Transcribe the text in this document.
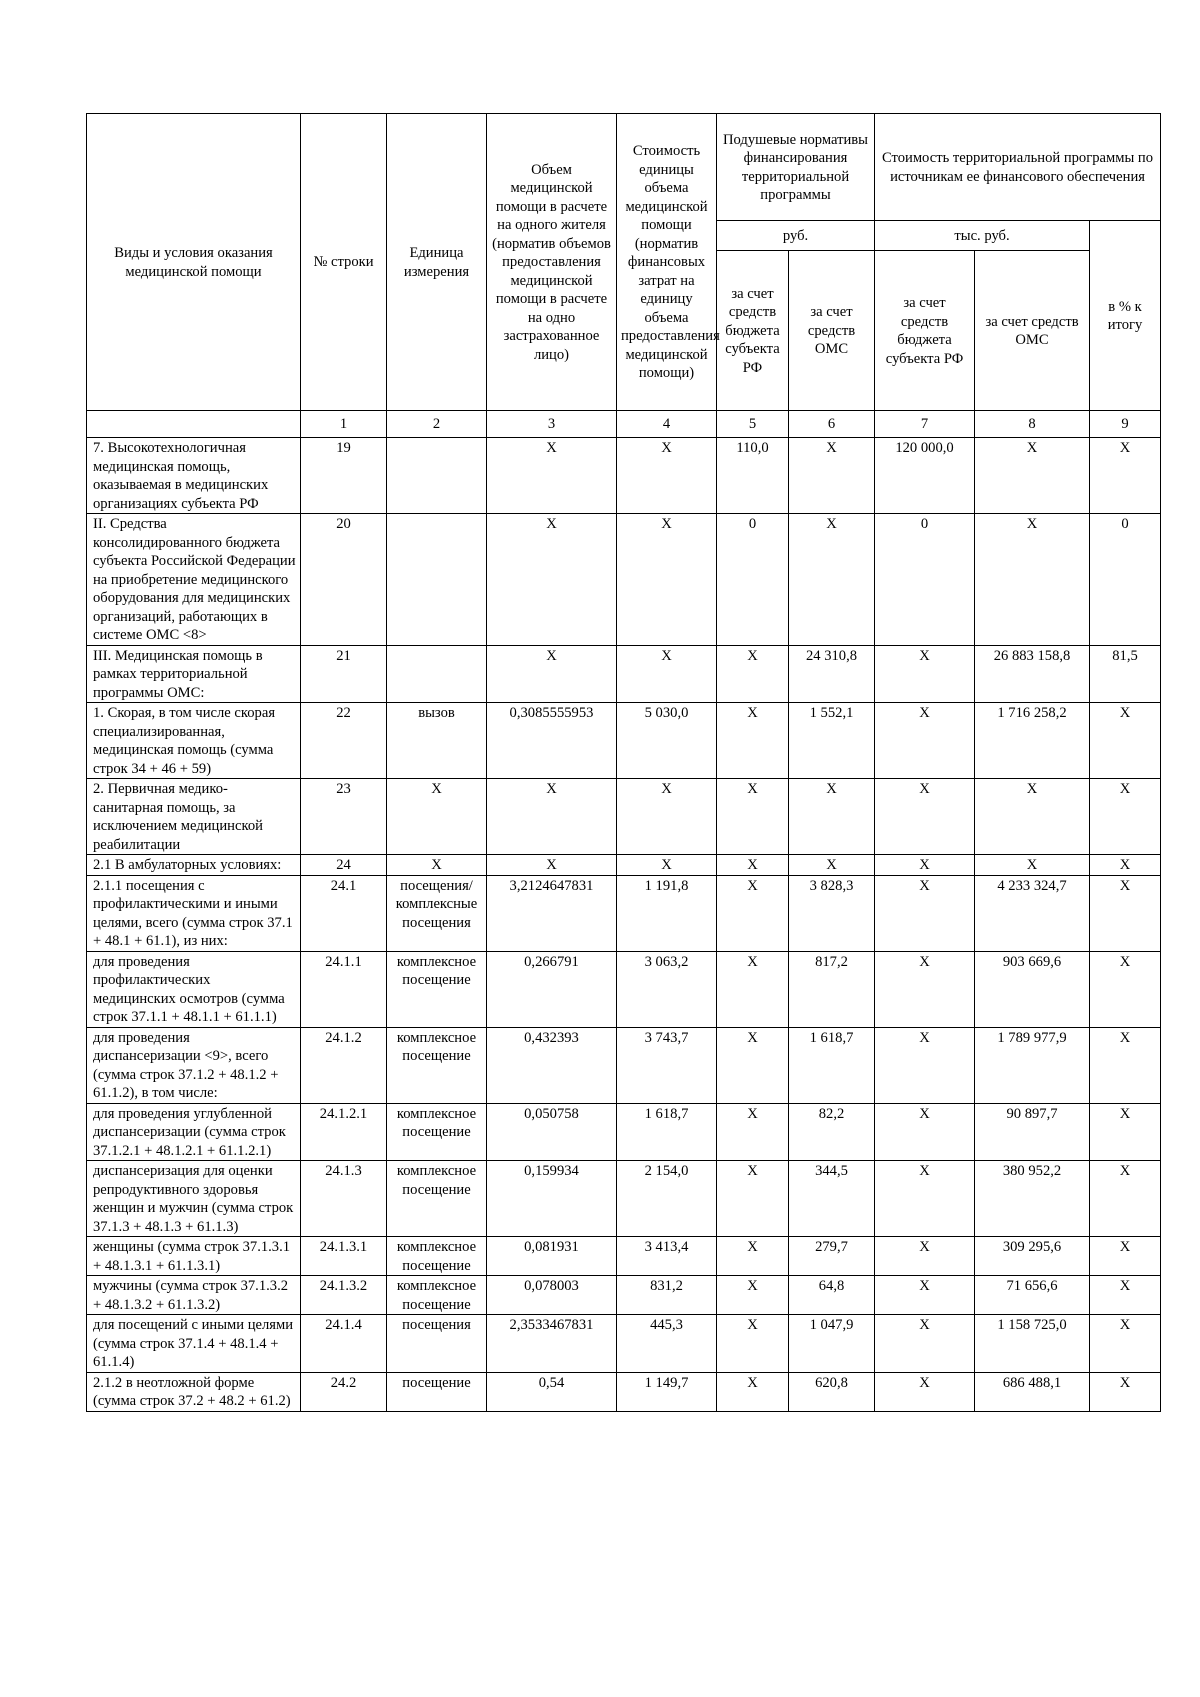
Виды и условия оказания медицинской помощи	№ строки	Единица измерения	Объем медицинской помощи в расчете на одного жителя (норматив объемов предоставления медицинской помощи в расчете на одно застрахованное лицо)	Стоимость единицы объема медицинской помощи (норматив финансовых затрат на единицу объема предоставления медицинской помощи)	Подушевые нормативы финансирования территориальной программы		Стоимость территориальной программы по источникам ее финансового обеспечения		
					руб.		тыс. руб.		в % к итогу
					за счет средств бюджета субъекта РФ	за счет средств ОМС	за счет средств бюджета субъекта РФ	за счет средств ОМС	
	1	2	3	4	5	6	7	8	9
7. Высокотехнологичная медицинская помощь, оказываемая в медицинских организациях субъекта РФ	19		X	X	110,0	X	120 000,0	X	X
II. Средства консолидированного бюджета субъекта Российской Федерации на приобретение медицинского оборудования для медицинских организаций, работающих в системе ОМС <8>	20		X	X	0	X	0	X	0
III. Медицинская помощь в рамках территориальной программы ОМС:	21		X	X	X	24 310,8	X	26 883 158,8	81,5
1. Скорая, в том числе скорая специализированная, медицинская помощь (сумма строк 34 + 46 + 59)	22	вызов	0,3085555953	5 030,0	X	1 552,1	X	1 716 258,2	X
2. Первичная медико-санитарная помощь, за исключением медицинской реабилитации	23	X	X	X	X	X	X	X	X
2.1 В амбулаторных условиях:	24	X	X	X	X	X	X	X	X
2.1.1 посещения с профилактическими и иными целями, всего (сумма строк 37.1 + 48.1 + 61.1), из них:	24.1	посещения/ комплексные посещения	3,2124647831	1 191,8	X	3 828,3	X	4 233 324,7	X
для проведения профилактических медицинских осмотров (сумма строк 37.1.1 + 48.1.1 + 61.1.1)	24.1.1	комплексное посещение	0,266791	3 063,2	X	817,2	X	903 669,6	X
для проведения диспансеризации <9>, всего (сумма строк 37.1.2 + 48.1.2 + 61.1.2), в том числе:	24.1.2	комплексное посещение	0,432393	3 743,7	X	1 618,7	X	1 789 977,9	X
для проведения углубленной диспансеризации (сумма строк 37.1.2.1 + 48.1.2.1 + 61.1.2.1)	24.1.2.1	комплексное посещение	0,050758	1 618,7	X	82,2	X	90 897,7	X
диспансеризация для оценки репродуктивного здоровья женщин и мужчин (сумма строк 37.1.3 + 48.1.3 + 61.1.3)	24.1.3	комплексное посещение	0,159934	2 154,0	X	344,5	X	380 952,2	X
женщины (сумма строк 37.1.3.1 + 48.1.3.1 + 61.1.3.1)	24.1.3.1	комплексное посещение	0,081931	3 413,4	X	279,7	X	309 295,6	X
мужчины (сумма строк 37.1.3.2 + 48.1.3.2 + 61.1.3.2)	24.1.3.2	комплексное посещение	0,078003	831,2	X	64,8	X	71 656,6	X
для посещений с иными целями (сумма строк 37.1.4 + 48.1.4 + 61.1.4)	24.1.4	посещения	2,3533467831	445,3	X	1 047,9	X	1 158 725,0	X
2.1.2 в неотложной форме (сумма строк 37.2 + 48.2 + 61.2)	24.2	посещение	0,54	1 149,7	X	620,8	X	686 488,1	X
